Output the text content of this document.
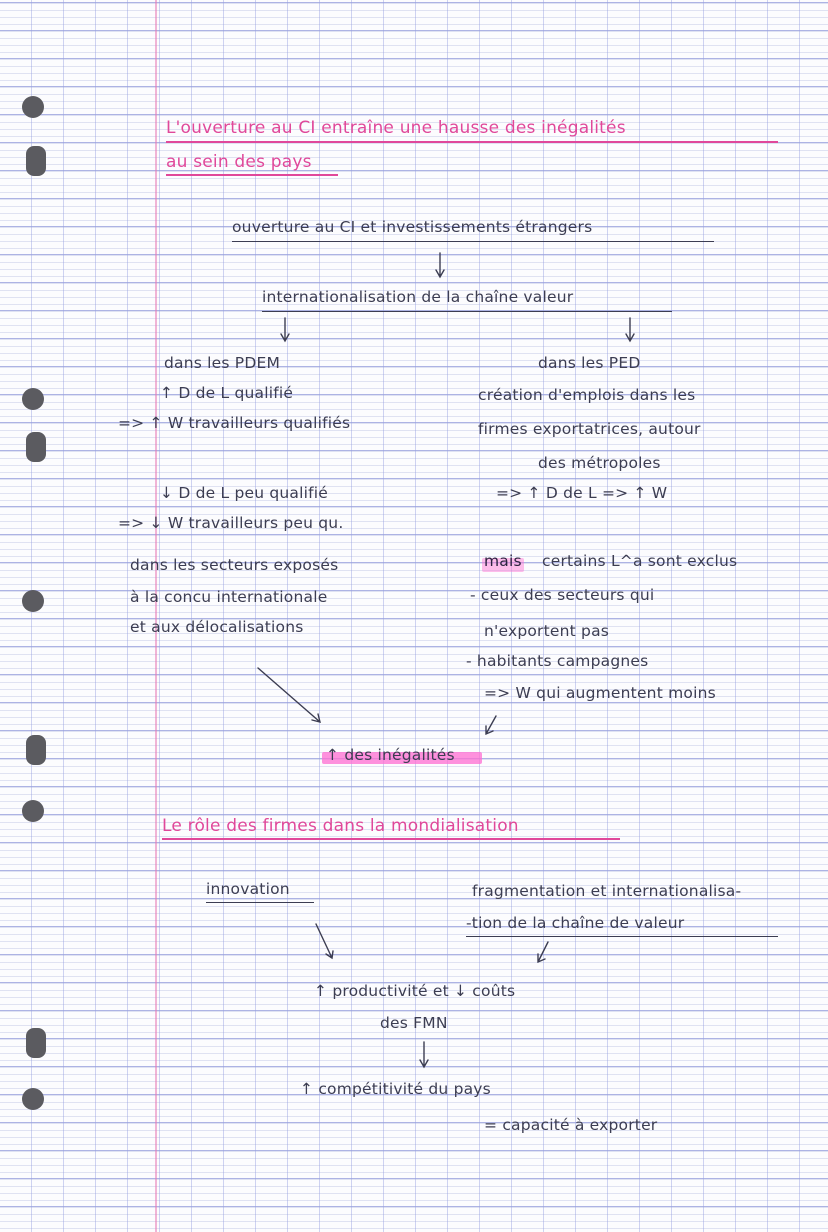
L'ouverture au CI entraîne une hausse des inégalités
au sein des pays
ouverture au CI et investissements étrangers
internationalisation de la chaîne valeur
dans les PDEM
↑ D de L qualifié
=> ↑ W travailleurs qualifiés
↓ D de L peu qualifié
=> ↓ W travailleurs peu qu.
dans les secteurs exposés
à la concu internationale
et aux délocalisations
dans les PED
création d'emplois dans les
firmes exportatrices, autour
des métropoles
=> ↑ D de L => ↑ W
mais certains L^a sont exclus
- ceux des secteurs qui
n'exportent pas
- habitants campagnes
=> W qui augmentent moins
↑ des inégalités
Le rôle des firmes dans la mondialisation
innovation	fragmentation et internationalisa-
-tion de la chaîne de valeur
↑ productivité et ↓ coûts
des FMN
↑ compétitivité du pays
= capacité à exporter
